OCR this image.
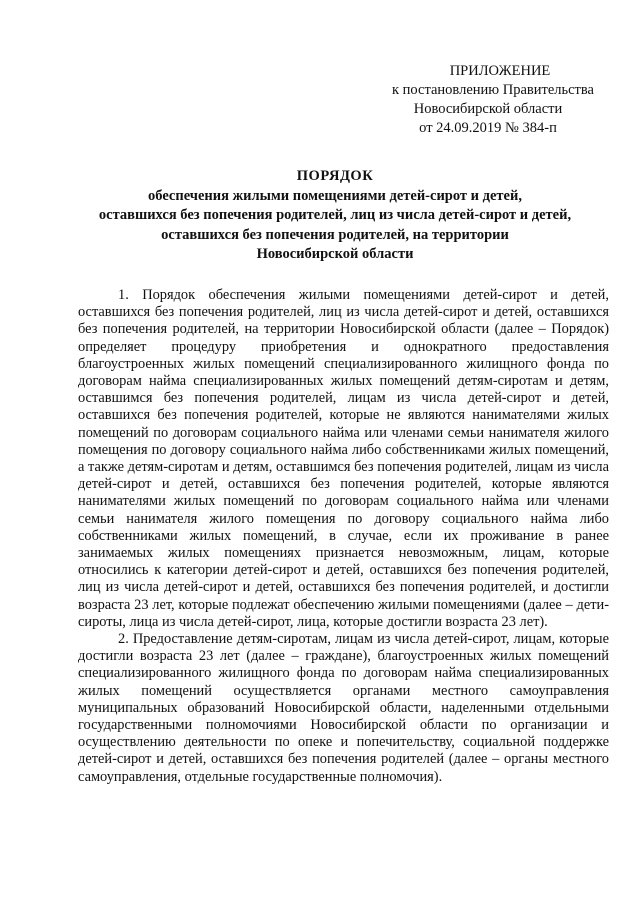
ПРИЛОЖЕНИЕ
к постановлению Правительства
Новосибирской области
от 24.09.2019 № 384-п
ПОРЯДОК
обеспечения жилыми помещениями детей-сирот и детей,
оставшихся без попечения родителей, лиц из числа детей-сирот и детей,
оставшихся без попечения родителей, на территории
Новосибирской области

1. Порядок обеспечения жилыми помещениями детей-сирот и детей, оставшихся без попечения родителей, лиц из числа детей-сирот и детей, оставшихся без попечения родителей, на территории Новосибирской области (далее – Порядок) определяет процедуру приобретения и однократного предоставления благоустроенных жилых помещений специализированного жилищного фонда по договорам найма специализированных жилых помещений детям-сиротам и детям, оставшимся без попечения родителей, лицам из числа детей-сирот и детей, оставшихся без попечения родителей, которые не являются нанимателями жилых помещений по договорам социального найма или членами семьи нанимателя жилого помещения по договору социального найма либо собственниками жилых помещений, а также детям-сиротам и детям, оставшимся без попечения родителей, лицам из числа детей-сирот и детей, оставшихся без попечения родителей, которые являются нанимателями жилых помещений по договорам социального найма или членами семьи нанимателя жилого помещения по договору социального найма либо собственниками жилых помещений, в случае, если их проживание в ранее занимаемых жилых помещениях признается невозможным, лицам, которые относились к категории детей-сирот и детей, оставшихся без попечения родителей, лиц из числа детей-сирот и детей, оставшихся без попечения родителей, и достигли возраста 23 лет, которые подлежат обеспечению жилыми помещениями (далее – дети-сироты, лица из числа детей-сирот, лица, которые достигли возраста 23 лет).

2. Предоставление детям-сиротам, лицам из числа детей-сирот, лицам, которые достигли возраста 23 лет (далее – граждане), благоустроенных жилых помещений специализированного жилищного фонда по договорам найма специализированных жилых помещений осуществляется органами местного самоуправления муниципальных образований Новосибирской области, наделенными отдельными государственными полномочиями Новосибирской области по организации и осуществлению деятельности по опеке и попечительству, социальной поддержке детей-сирот и детей, оставшихся без попечения родителей (далее – органы местного самоуправления, отдельные государственные полномочия).
